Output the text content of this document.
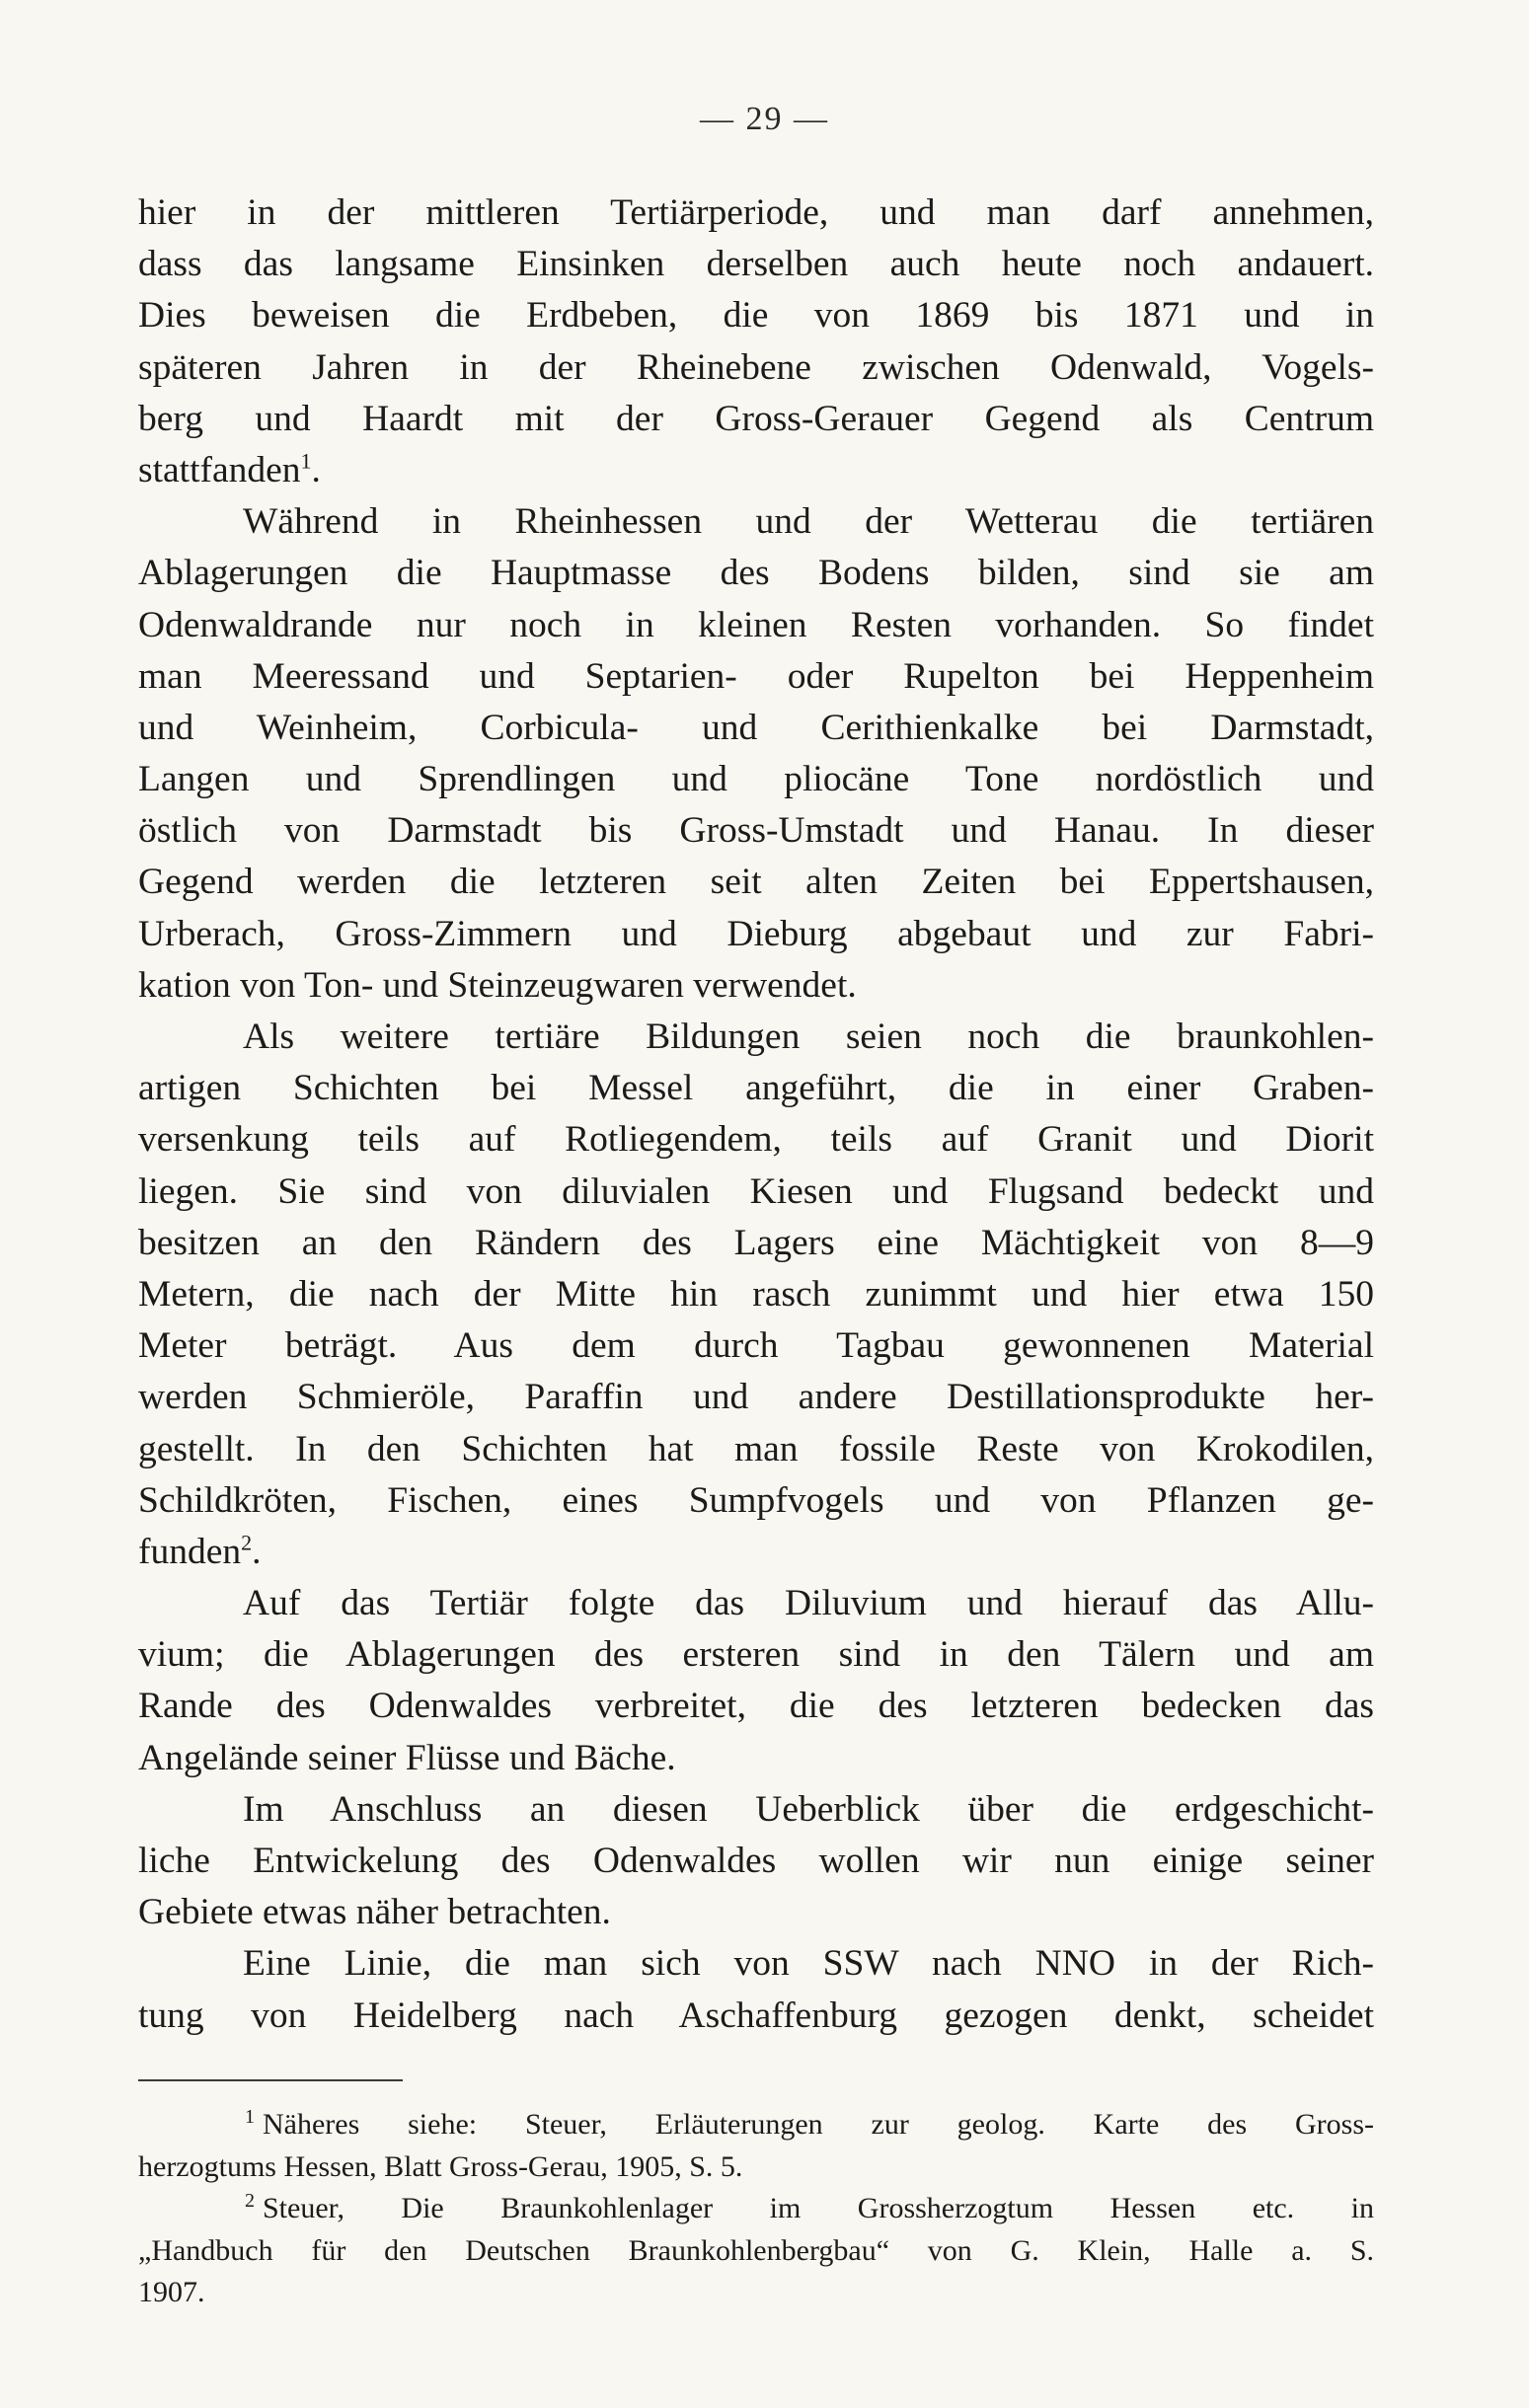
— 29 —
hier in der mittleren Tertiärperiode, und man darf annehmen,
dass das langsame Einsinken derselben auch heute noch andauert.
Dies beweisen die Erdbeben, die von 1869 bis 1871 und in
späteren Jahren in der Rheinebene zwischen Odenwald, Vogels-
berg und Haardt mit der Gross-Gerauer Gegend als Centrum
stattfanden$^1$.
Während in Rheinhessen und der Wetterau die tertiären
Ablagerungen die Hauptmasse des Bodens bilden, sind sie am
Odenwaldrande nur noch in kleinen Resten vorhanden. So findet
man Meeressand und Septarien- oder Rupelton bei Heppenheim
und Weinheim, Corbicula- und Cerithienkalke bei Darmstadt,
Langen und Sprendlingen und pliocäne Tone nordöstlich und
östlich von Darmstadt bis Gross-Umstadt und Hanau. In dieser
Gegend werden die letzteren seit alten Zeiten bei Eppertshausen,
Urberach, Gross-Zimmern und Dieburg abgebaut und zur Fabri-
kation von Ton- und Steinzeugwaren verwendet.
Als weitere tertiäre Bildungen seien noch die braunkohlen-
artigen Schichten bei Messel angeführt, die in einer Graben-
versenkung teils auf Rotliegendem, teils auf Granit und Diorit
liegen. Sie sind von diluvialen Kiesen und Flugsand bedeckt und
besitzen an den Rändern des Lagers eine Mächtigkeit von 8—9
Metern, die nach der Mitte hin rasch zunimmt und hier etwa 150
Meter beträgt. Aus dem durch Tagbau gewonnenen Material
werden Schmieröle, Paraffin und andere Destillationsprodukte her-
gestellt. In den Schichten hat man fossile Reste von Krokodilen,
Schildkröten, Fischen, eines Sumpfvogels und von Pflanzen ge-
funden$^2$.
Auf das Tertiär folgte das Diluvium und hierauf das Allu-
vium; die Ablagerungen des ersteren sind in den Tälern und am
Rande des Odenwaldes verbreitet, die des letzteren bedecken das
Angelände seiner Flüsse und Bäche.
Im Anschluss an diesen Ueberblick über die erdgeschicht-
liche Entwickelung des Odenwaldes wollen wir nun einige seiner
Gebiete etwas näher betrachten.
Eine Linie, die man sich von SSW nach NNO in der Rich-
tung von Heidelberg nach Aschaffenburg gezogen denkt, scheidet
$^1$ Näheres siehe: Steuer, Erläuterungen zur geolog. Karte des Gross-
herzogtums Hessen, Blatt Gross-Gerau, 1905, S. 5.
$^2$ Steuer, Die Braunkohlenlager im Grossherzogtum Hessen etc. in
„Handbuch für den Deutschen Braunkohlenbergbau“ von G. Klein, Halle a. S.
1907.
